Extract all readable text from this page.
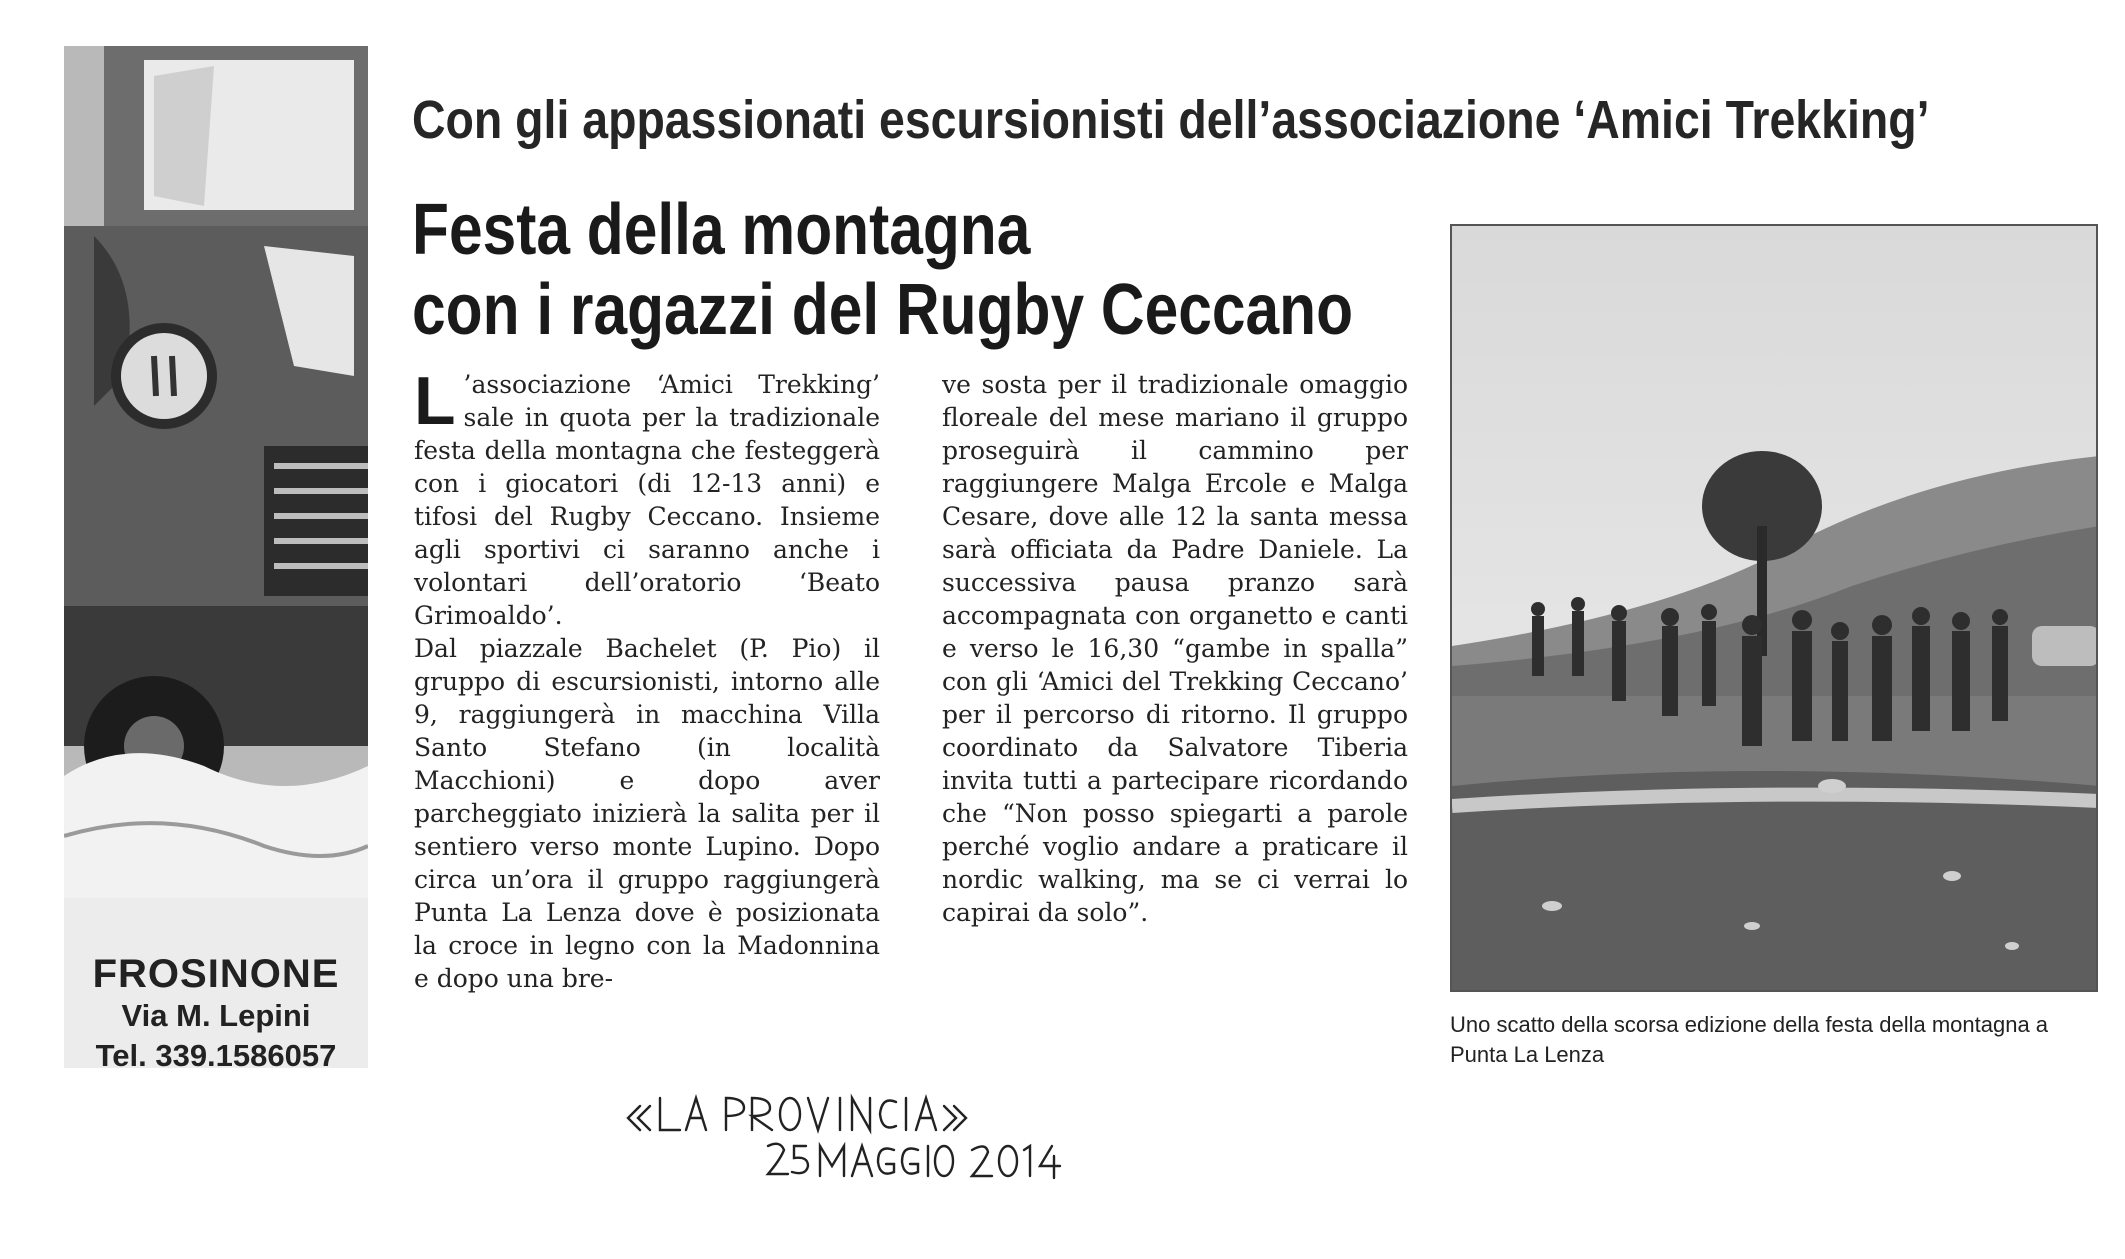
FROSINONE
Via M. Lepini
Tel. 339.1586057
Con gli appassionati escursionisti dell’associazione ‘Amici Trekking’
Festa della montagna
con i ragazzi del Rugby Ceccano

L ’associazione ‘Amici Trekking’ sale in quota per la tradizionale festa della montagna che festeggerà con i giocatori (di 12-13 anni) e tifosi del Rugby Ceccano. Insieme agli sportivi ci saranno anche i volontari dell’oratorio ‘Beato Grimoaldo’.

Dal piazzale Bachelet (P. Pio) il gruppo di escursionisti, intorno alle 9, raggiungerà in macchina Villa Santo Stefano (in località Macchioni) e dopo aver parcheggiato inizierà la salita per il sentiero verso monte Lupino. Dopo circa un’ora il gruppo raggiungerà Punta La Lenza dove è posizionata la croce in legno con la Madonnina e dopo una bre-

ve sosta per il tradizionale omaggio floreale del mese mariano il gruppo proseguirà il cammino per raggiungere Malga Ercole e Malga Cesare, dove alle 12 la santa messa sarà officiata da Padre Daniele. La successiva pausa pranzo sarà accompagnata con organetto e canti e verso le 16,30 “gambe in spalla” con gli ‘Amici del Trekking Ceccano’ per il percorso di ritorno. Il gruppo coordinato da Salvatore Tiberia invita tutti a partecipare ricordando che “Non posso spiegarti a parole perché voglio andare a praticare il nordic walking, ma se ci verrai lo capirai da solo”.

Uno scatto della scorsa edizione della festa della montagna a Punta La Lenza
